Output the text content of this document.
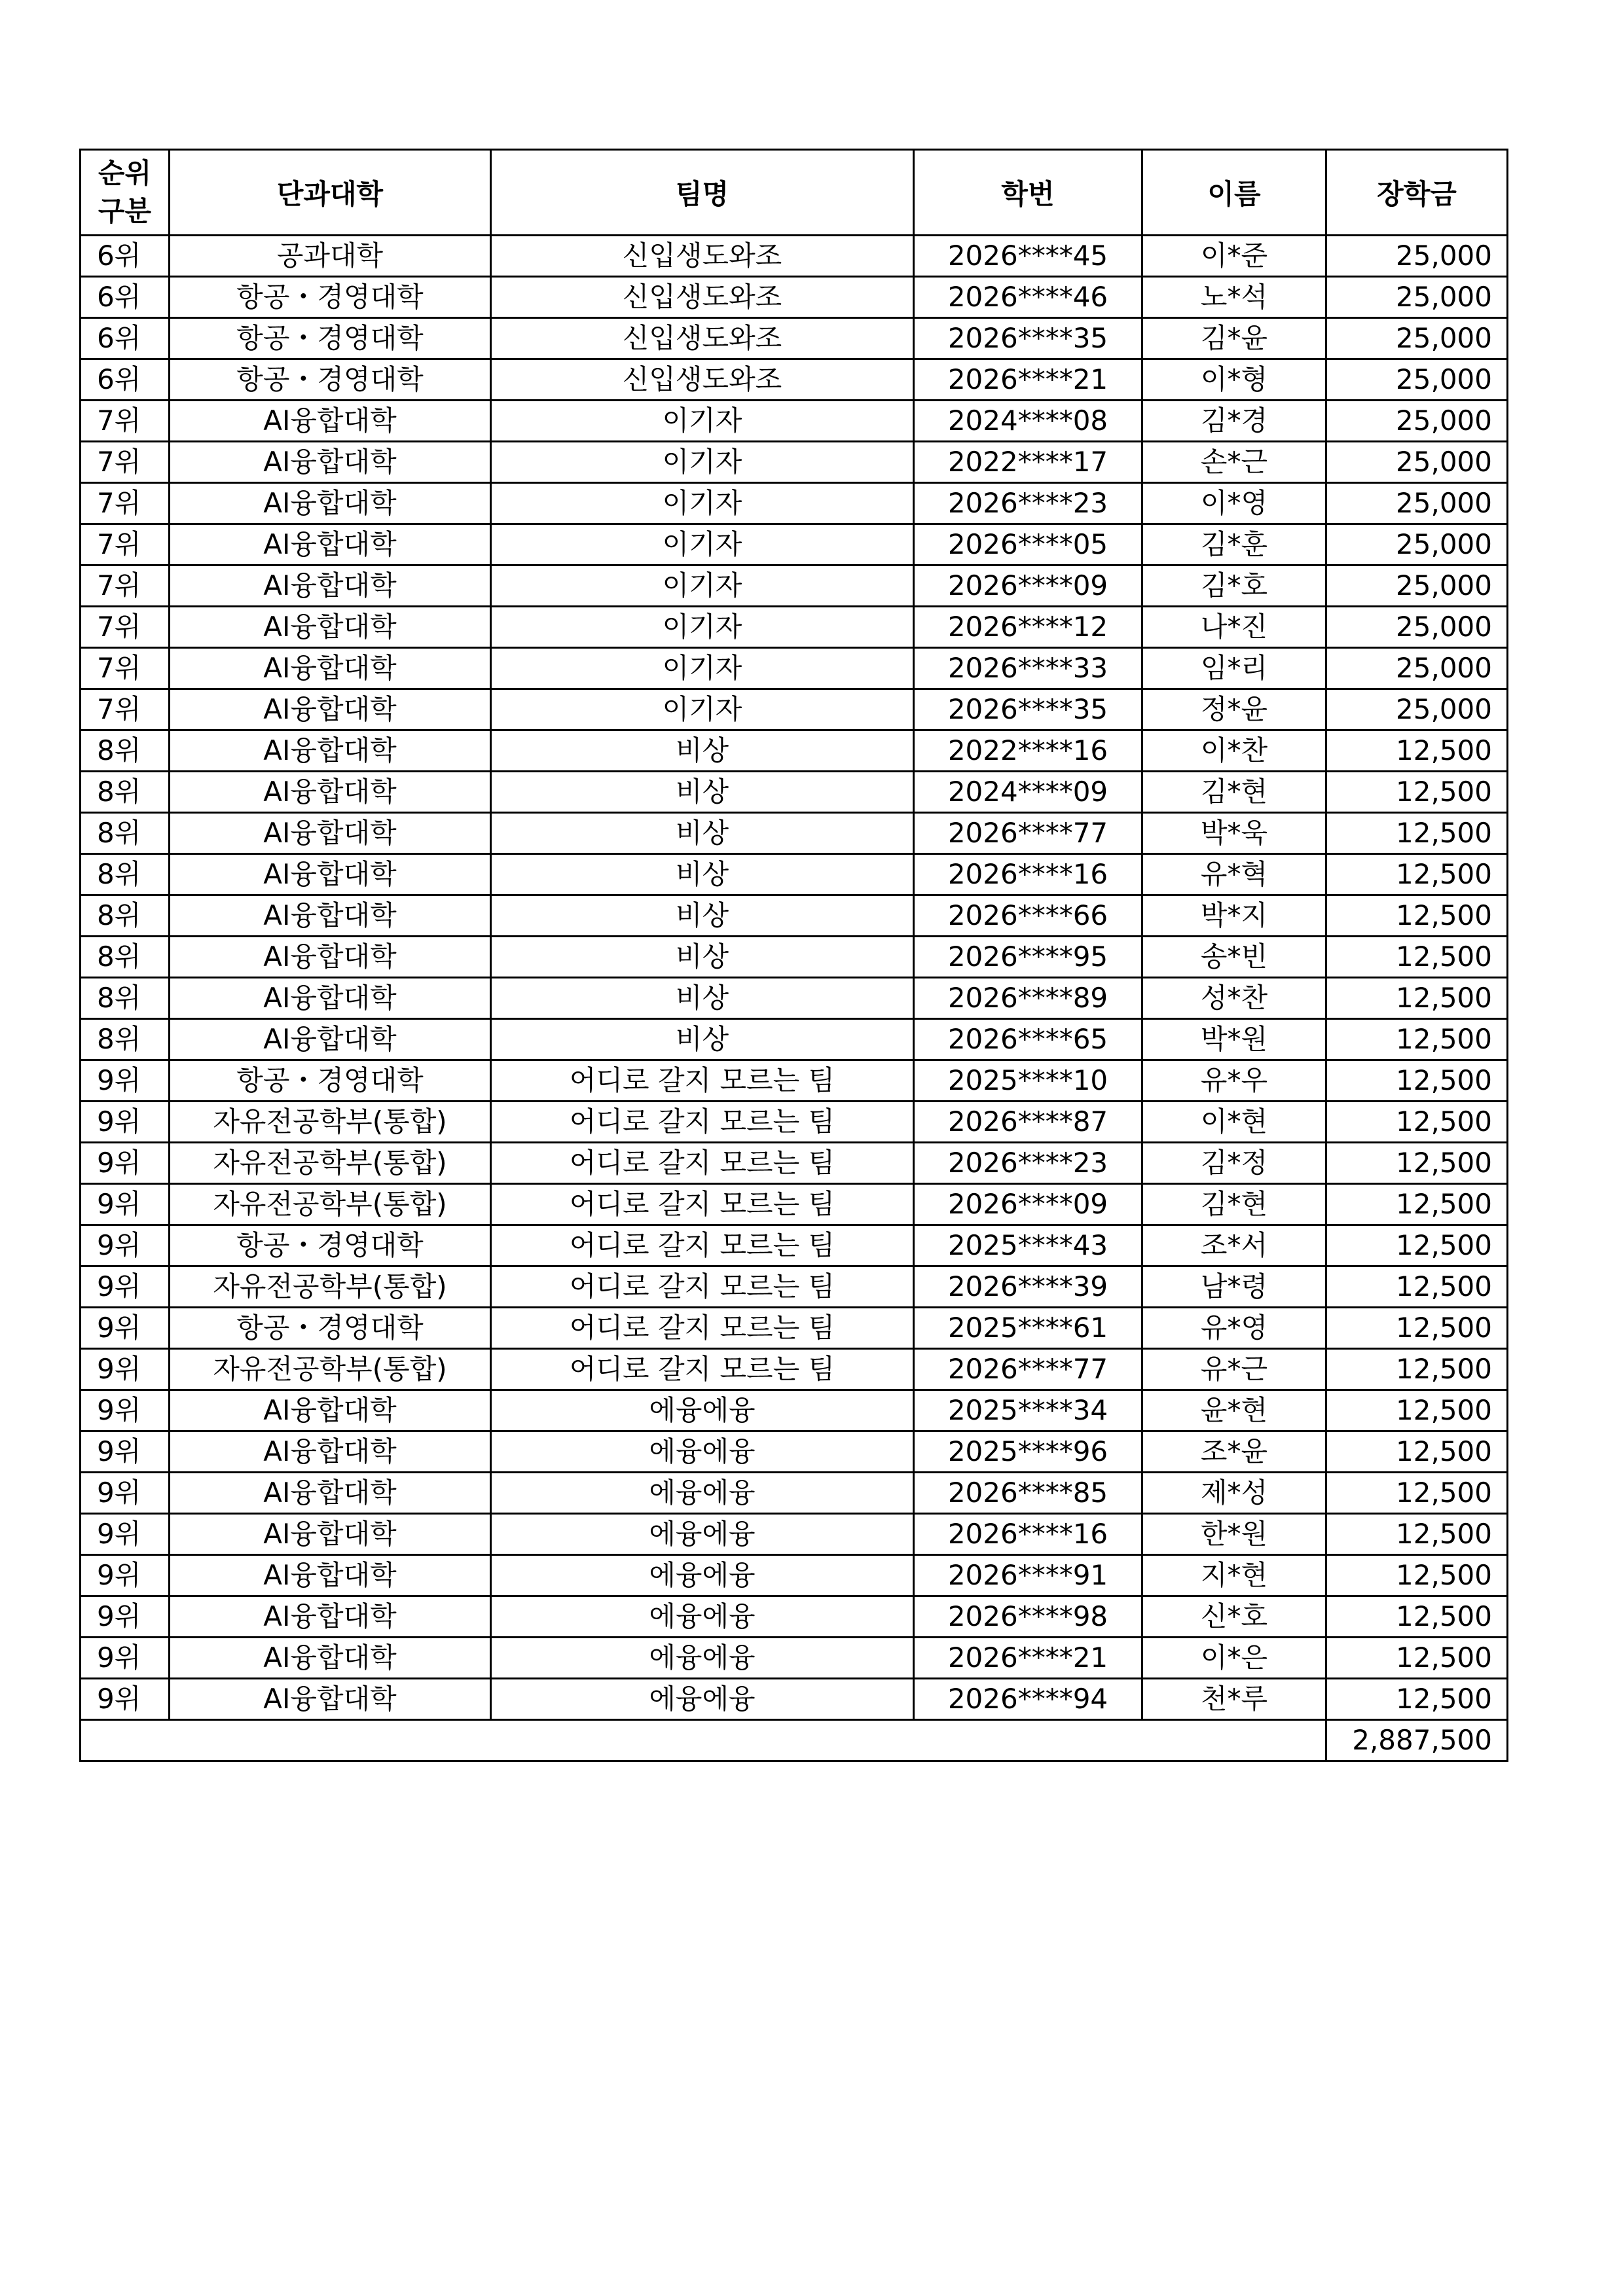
순위
구분	단과대학	팀명	학번	이름	장학금
6위	공과대학	신입생도와조	2026****45	이*준	25,000
6위	항공・경영대학	신입생도와조	2026****46	노*석	25,000
6위	항공・경영대학	신입생도와조	2026****35	김*윤	25,000
6위	항공・경영대학	신입생도와조	2026****21	이*형	25,000
7위	AI융합대학	이기자	2024****08	김*경	25,000
7위	AI융합대학	이기자	2022****17	손*근	25,000
7위	AI융합대학	이기자	2026****23	이*영	25,000
7위	AI융합대학	이기자	2026****05	김*훈	25,000
7위	AI융합대학	이기자	2026****09	김*호	25,000
7위	AI융합대학	이기자	2026****12	나*진	25,000
7위	AI융합대학	이기자	2026****33	임*리	25,000
7위	AI융합대학	이기자	2026****35	정*윤	25,000
8위	AI융합대학	비상	2022****16	이*찬	12,500
8위	AI융합대학	비상	2024****09	김*현	12,500
8위	AI융합대학	비상	2026****77	박*욱	12,500
8위	AI융합대학	비상	2026****16	유*혁	12,500
8위	AI융합대학	비상	2026****66	박*지	12,500
8위	AI융합대학	비상	2026****95	송*빈	12,500
8위	AI융합대학	비상	2026****89	성*찬	12,500
8위	AI융합대학	비상	2026****65	박*원	12,500
9위	항공・경영대학	어디로 갈지 모르는 팀	2025****10	유*우	12,500
9위	자유전공학부(통합)	어디로 갈지 모르는 팀	2026****87	이*현	12,500
9위	자유전공학부(통합)	어디로 갈지 모르는 팀	2026****23	김*정	12,500
9위	자유전공학부(통합)	어디로 갈지 모르는 팀	2026****09	김*현	12,500
9위	항공・경영대학	어디로 갈지 모르는 팀	2025****43	조*서	12,500
9위	자유전공학부(통합)	어디로 갈지 모르는 팀	2026****39	남*령	12,500
9위	항공・경영대학	어디로 갈지 모르는 팀	2025****61	유*영	12,500
9위	자유전공학부(통합)	어디로 갈지 모르는 팀	2026****77	유*근	12,500
9위	AI융합대학	에융에융	2025****34	윤*현	12,500
9위	AI융합대학	에융에융	2025****96	조*윤	12,500
9위	AI융합대학	에융에융	2026****85	제*성	12,500
9위	AI융합대학	에융에융	2026****16	한*원	12,500
9위	AI융합대학	에융에융	2026****91	지*현	12,500
9위	AI융합대학	에융에융	2026****98	신*호	12,500
9위	AI융합대학	에융에융	2026****21	이*은	12,500
9위	AI융합대학	에융에융	2026****94	천*루	12,500
					2,887,500
